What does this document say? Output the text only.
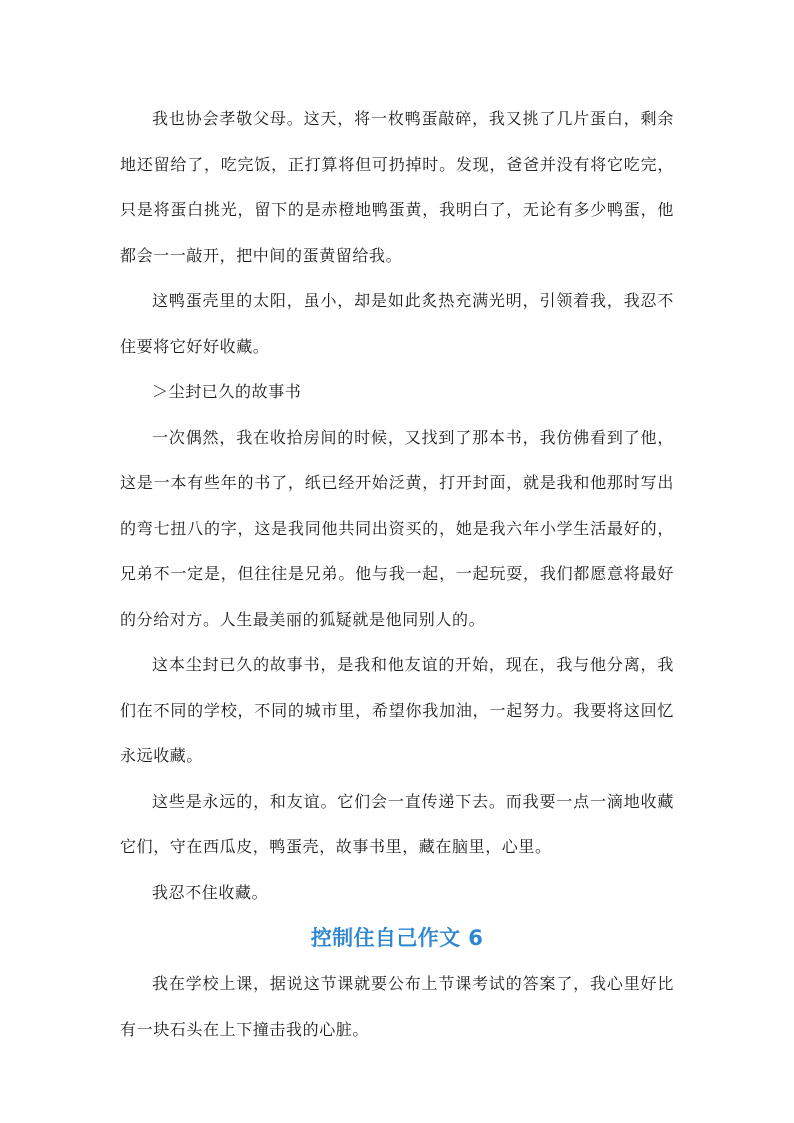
我也协会孝敬父母。这天，将一枚鸭蛋敲碎，我又挑了几片蛋白，剩余地还留给了，吃完饭，正打算将但可扔掉时。发现，爸爸并没有将它吃完，只是将蛋白挑光，留下的是赤橙地鸭蛋黄，我明白了，无论有多少鸭蛋，他都会一一敲开，把中间的蛋黄留给我。

这鸭蛋壳里的太阳，虽小，却是如此炙热充满光明，引领着我，我忍不住要将它好好收藏。

＞尘封已久的故事书

一次偶然，我在收拾房间的时候，又找到了那本书，我仿佛看到了他，这是一本有些年的书了，纸已经开始泛黄，打开封面，就是我和他那时写出的弯七扭八的字，这是我同他共同出资买的，她是我六年小学生活最好的，兄弟不一定是，但往往是兄弟。他与我一起，一起玩耍，我们都愿意将最好的分给对方。人生最美丽的狐疑就是他同别人的。

这本尘封已久的故事书，是我和他友谊的开始，现在，我与他分离，我们在不同的学校，不同的城市里，希望你我加油，一起努力。我要将这回忆永远收藏。

这些是永远的，和友谊。它们会一直传递下去。而我要一点一滴地收藏它们，守在西瓜皮，鸭蛋壳，故事书里，藏在脑里，心里。

我忍不住收藏。

控制住自己作文 6

我在学校上课，据说这节课就要公布上节课考试的答案了，我心里好比有一块石头在上下撞击我的心脏。
